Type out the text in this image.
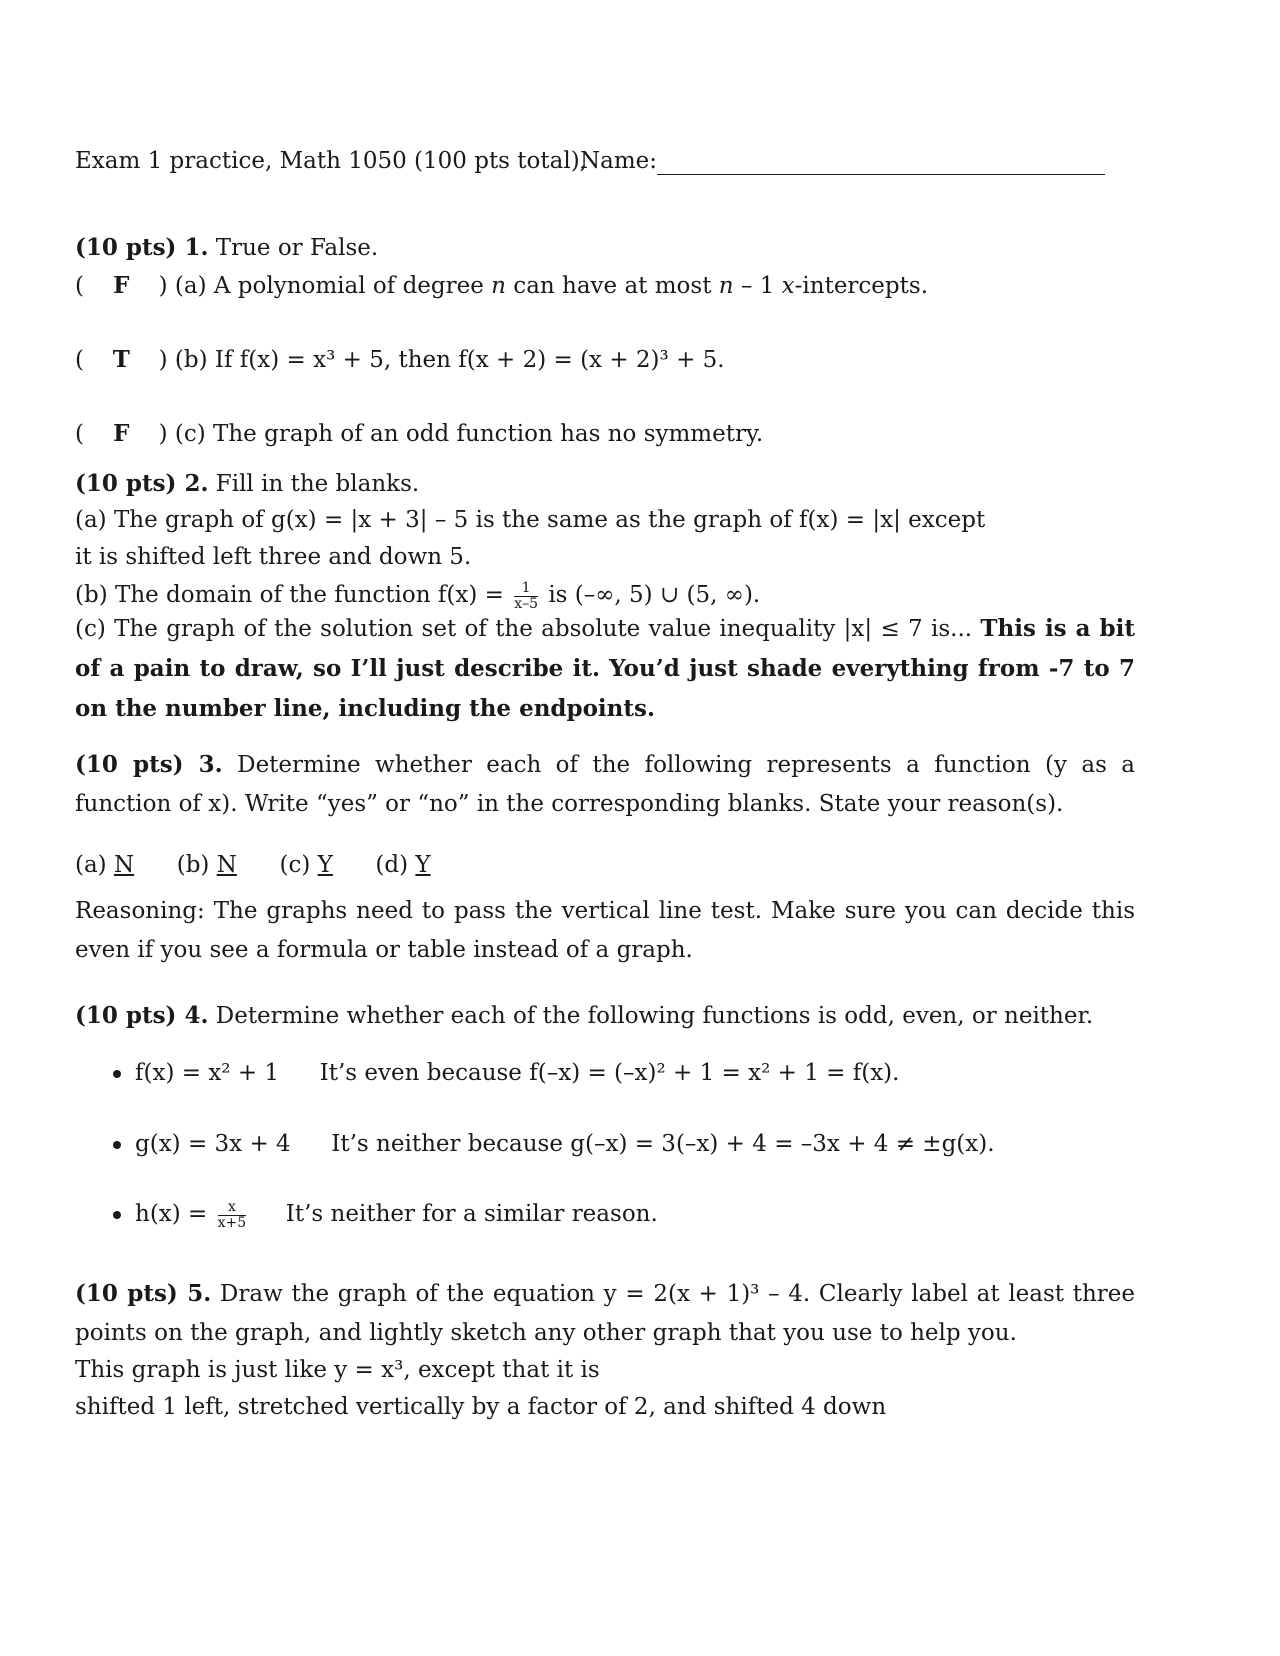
Exam 1 practice, Math 1050 (100 pts total),
Name:
(10 pts) 1. True or False.
( F ) (a) A polynomial of degree n can have at most n – 1 x-intercepts.
( T ) (b) If f(x) = x³ + 5, then f(x + 2) = (x + 2)³ + 5.
( F ) (c) The graph of an odd function has no symmetry.
(10 pts) 2. Fill in the blanks.
(a) The graph of g(x) = |x + 3| – 5 is the same as the graph of f(x) = |x| except
it is shifted left three and down 5.
(b) The domain of the function $f(x) = \frac{1}{x-5}$ is (–∞, 5) ∪ (5, ∞).
(c) The graph of the solution set of the absolute value inequality |x| ≤ 7 is... This is a bit of a pain to draw, so I’ll just describe it. You’d just shade everything from -7 to 7 on the number line, including the endpoints.
(10 pts) 3. Determine whether each of the following represents a function (y as a function of x). Write “yes” or “no” in the corresponding blanks. State your reason(s).
(a) N (b) N (c) Y (d) Y
Reasoning: The graphs need to pass the vertical line test. Make sure you can decide this even if you see a formula or table instead of a graph.
(10 pts) 4. Determine whether each of the following functions is odd, even, or neither.
f(x) = x² + 1 It’s even because f(–x) = (–x)² + 1 = x² + 1 = f(x).
g(x) = 3x + 4 It’s neither because g(–x) = 3(–x) + 4 = –3x + 4 ≠ ±g(x).
$h(x) = \frac{x}{x+5}$ It’s neither for a similar reason.
(10 pts) 5. Draw the graph of the equation y = 2(x + 1)³ – 4. Clearly label at least three points on the graph, and lightly sketch any other graph that you use to help you.
This graph is just like y = x³, except that it is
shifted 1 left, stretched vertically by a factor of 2, and shifted 4 down
